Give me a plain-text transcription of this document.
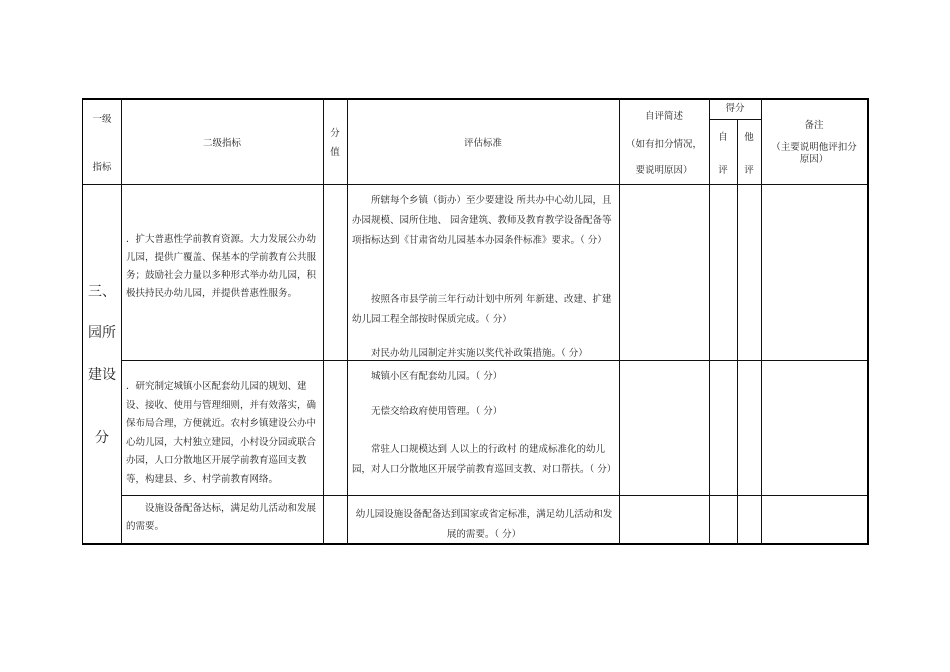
一级
指标
二级指标
分
值
评估标准
自评简述
（如有扣分情况，
要说明原因）
得分
自
评
他
评
备注
（主要说明他评扣分
原因）
三、
园所
建设
分
．扩大普惠性学前教育资源。大力发展公办幼儿园，提供广覆盖、保基本的学前教育公共服务；鼓励社会力量以多种形式举办幼儿园，积极扶持民办幼儿园，并提供普惠性服务。
所辖每个乡镇（街办）至少要建设 所共办中心幼儿园，且办园规模、园所住地、 园舍建筑、教师及教育教学设备配备等 项指标达到《甘肃省幼儿园基本办园条件标准》要求。（ 分）
按照各市县学前三年行动计划中所列 年新建、改建、扩建幼儿园工程全部按时保质完成。（ 分）
对民办幼儿园制定并实施以奖代补政策措施。（ 分）
．研究制定城镇小区配套幼儿园的规划、建设、接收、使用与管理细则，并有效落实，确保布局合理，方便就近。农村乡镇建设公办中心幼儿园，大村独立建园，小村设分园或联合办园，人口分散地区开展学前教育巡回支教等，构建县、乡、村学前教育网络。
城镇小区有配套幼儿园。（ 分）
无偿交给政府使用管理。（ 分）
常驻人口规模达到 人以上的行政村 的建成标准化的幼儿园，对人口分散地区开展学前教育巡回支教、对口帮扶。（ 分）
设施设备配备达标，满足幼儿活动和发展的需要。
幼儿园设施设备配备达到国家或省定标准，满足幼儿活动和发展的需要。（ 分）
